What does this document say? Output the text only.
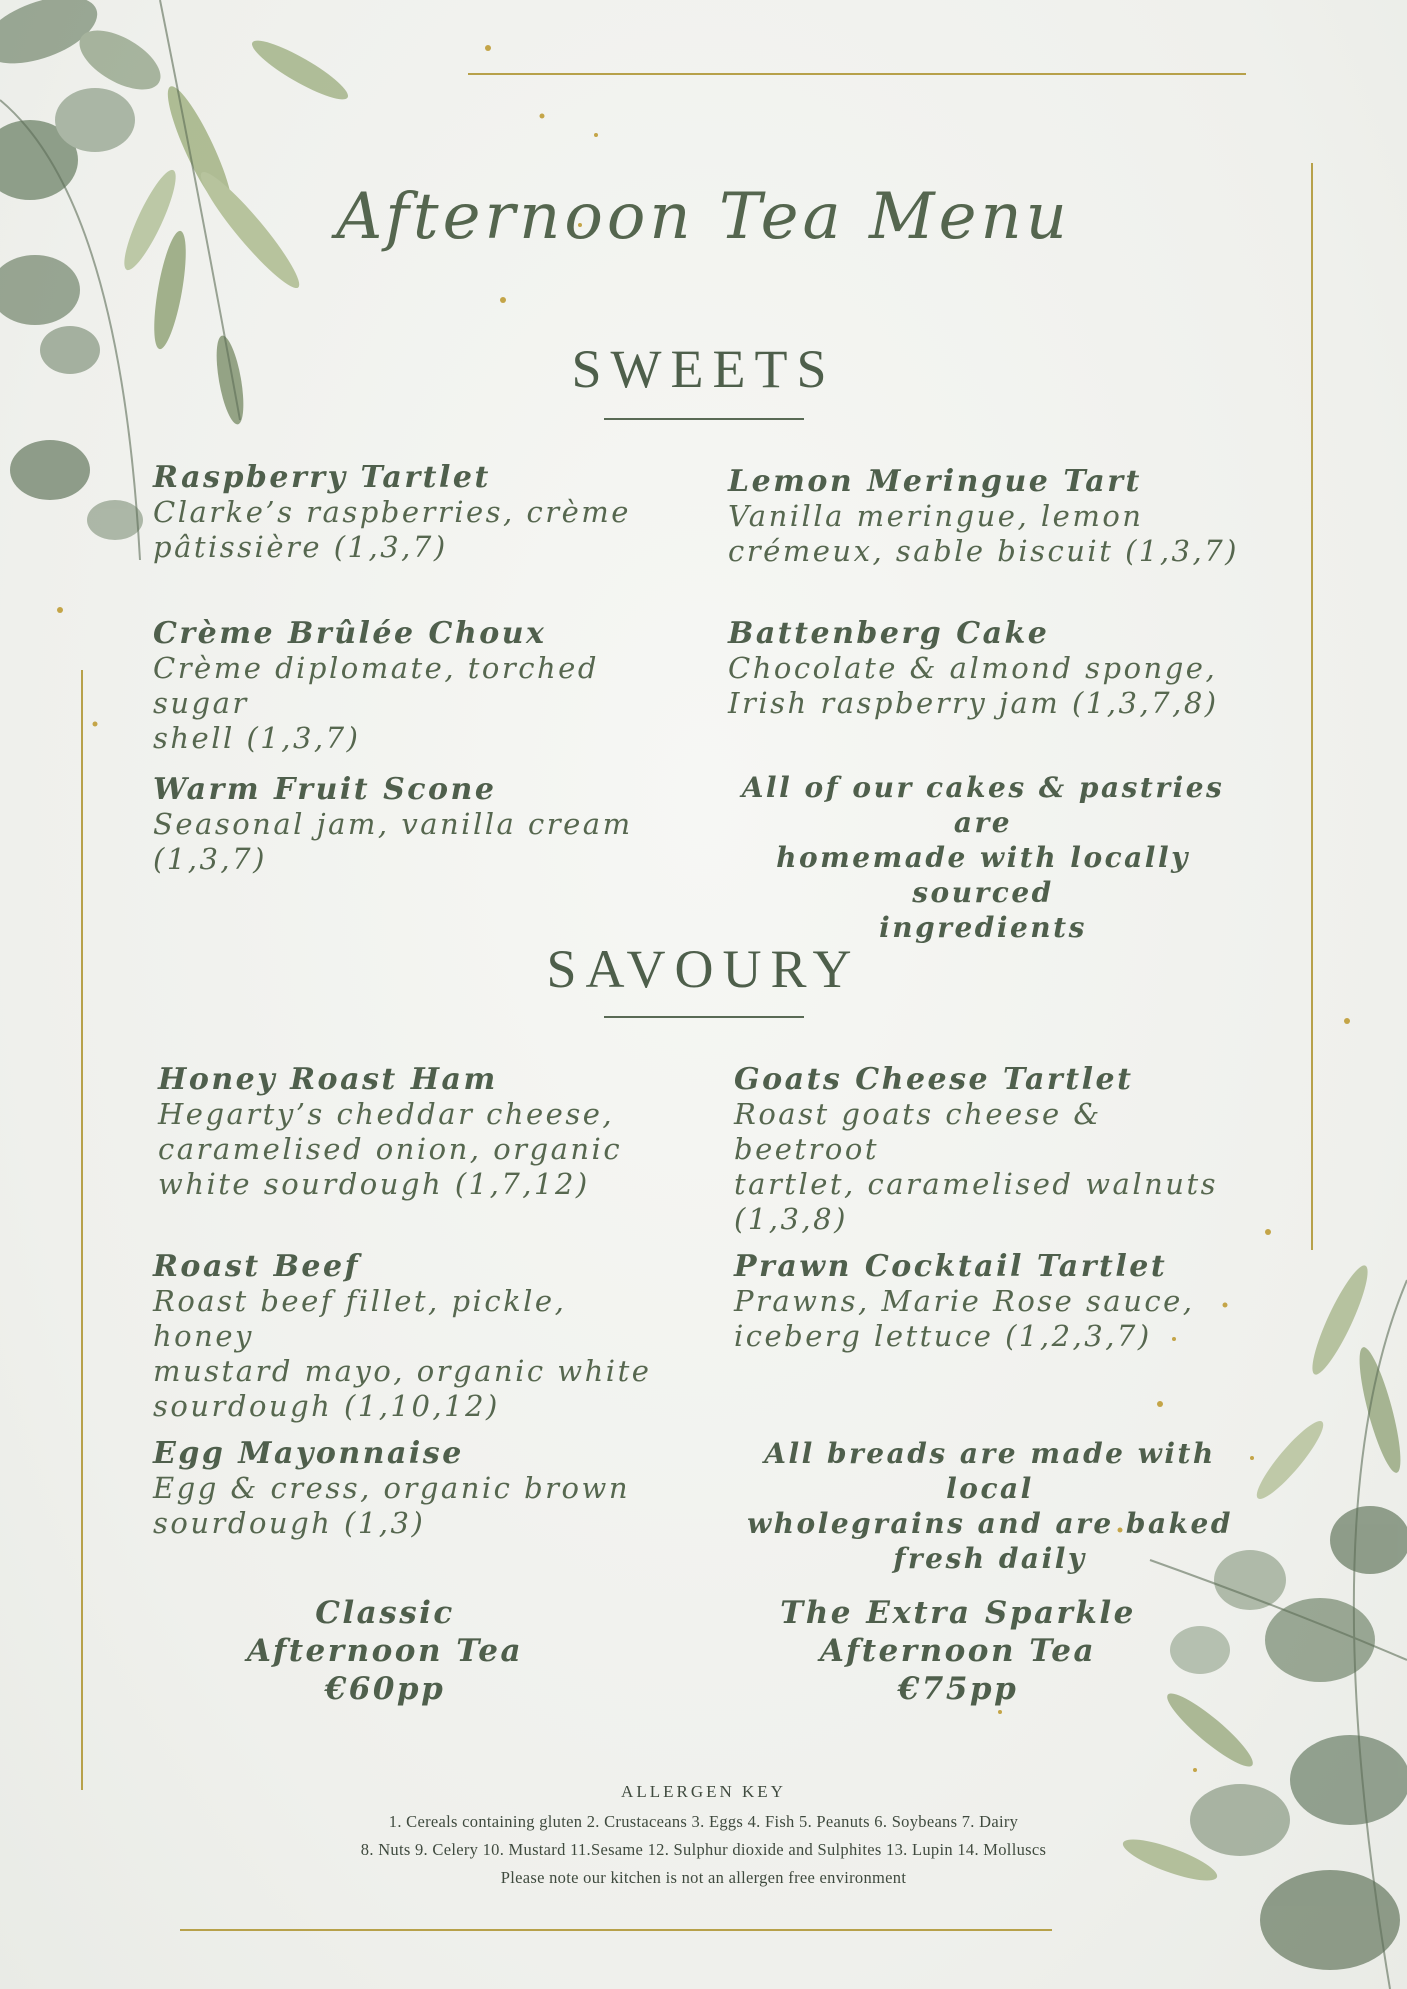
Afternoon Tea Menu
SWEETS
Raspberry Tartlet
Clarke’s raspberries, crème
pâtissière (1,3,7)
Lemon Meringue Tart
Vanilla meringue, lemon
crémeux, sable biscuit (1,3,7)
Crème Brûlée Choux
Crème diplomate, torched sugar
shell (1,3,7)
Battenberg Cake
Chocolate & almond sponge,
Irish raspberry jam (1,3,7,8)
Warm Fruit Scone
Seasonal jam, vanilla cream
(1,3,7)
All of our cakes & pastries are
homemade with locally sourced
ingredients
SAVOURY
Honey Roast Ham
Hegarty’s cheddar cheese,
caramelised onion, organic
white sourdough (1,7,12)
Goats Cheese Tartlet
Roast goats cheese & beetroot
tartlet, caramelised walnuts
(1,3,8)
Roast Beef
Roast beef fillet, pickle, honey
mustard mayo, organic white
sourdough (1,10,12)
Prawn Cocktail Tartlet
Prawns, Marie Rose sauce,
iceberg lettuce (1,2,3,7)
Egg Mayonnaise
Egg & cress, organic brown
sourdough (1,3)
All breads are made with local
wholegrains and are baked
fresh daily
Classic
Afternoon Tea
€60pp
The Extra Sparkle
Afternoon Tea
€75pp
ALLERGEN KEY
1. Cereals containing gluten 2. Crustaceans 3. Eggs 4. Fish 5. Peanuts 6. Soybeans 7. Dairy
8. Nuts 9. Celery 10. Mustard 11.Sesame 12. Sulphur dioxide and Sulphites 13. Lupin 14. Molluscs
Please note our kitchen is not an allergen free environment
